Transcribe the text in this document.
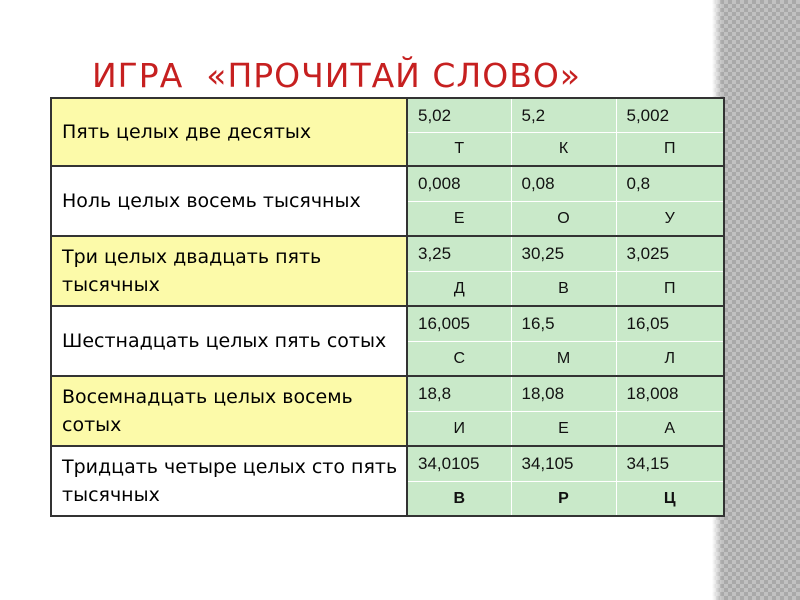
ИГРА  «ПРОЧИТАЙ СЛОВО»
Пять целых две десятых	5,02	5,2	5,002
	Т	К	П
Ноль целых восемь тысячных	0,008	0,08	0,8
	Е	О	У
Три целых двадцать пять тысячных	3,25	30,25	3,025
	Д	В	П
Шестнадцать целых пять сотых	16,005	16,5	16,05
	С	М	Л
Восемнадцать целых восемь сотых	18,8	18,08	18,008
	И	Е	А
Тридцать четыре целых сто пять тысячных	34,0105	34,105	34,15
	В	Р	Ц
